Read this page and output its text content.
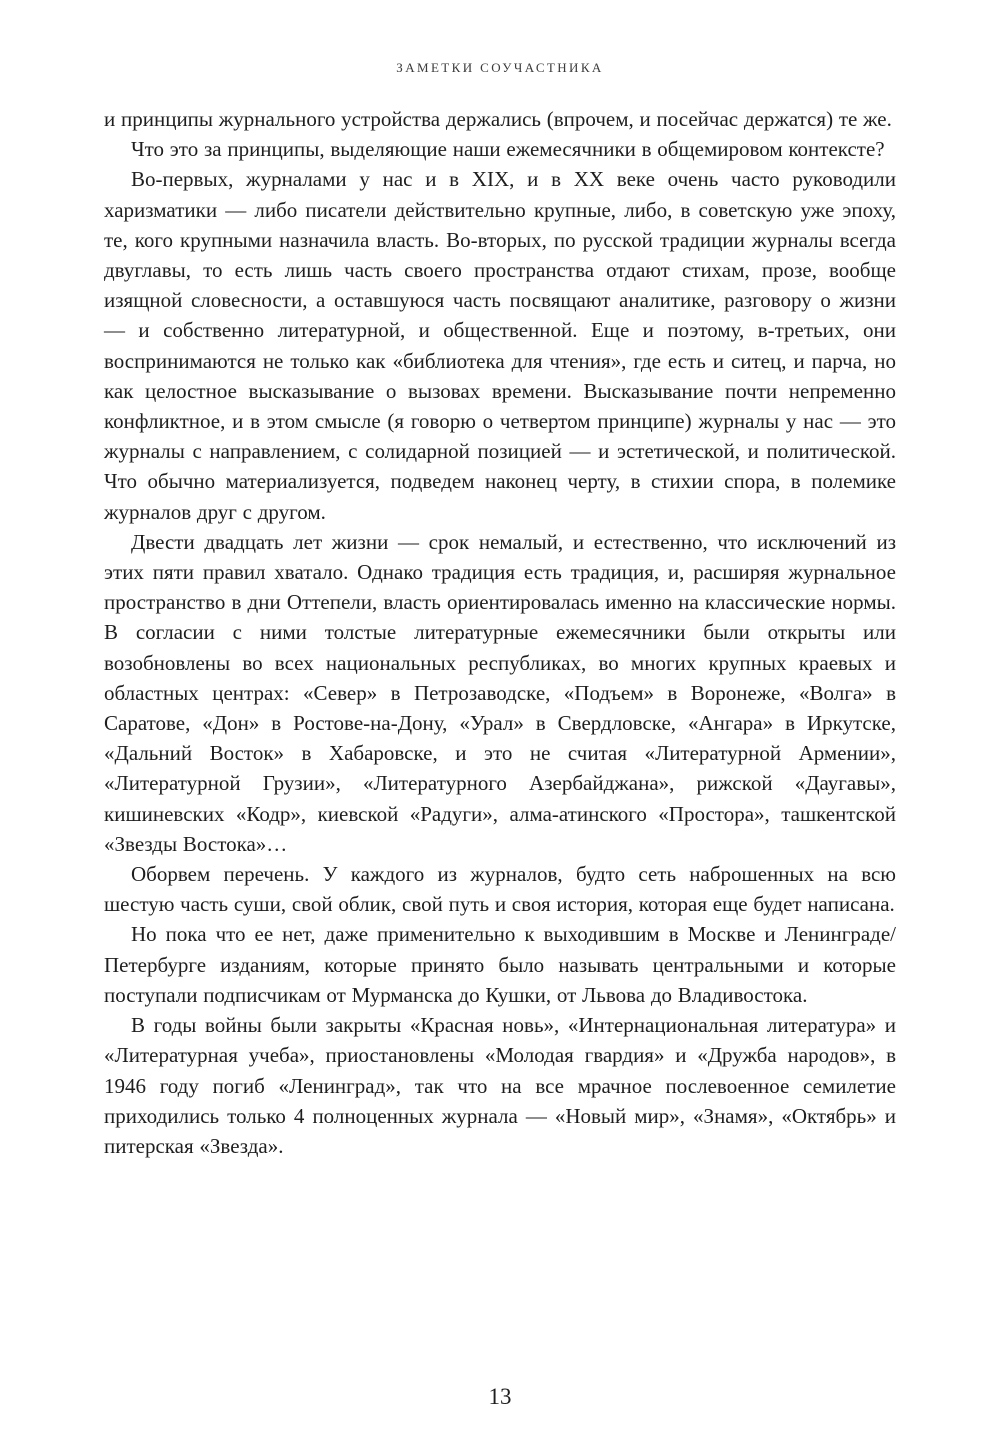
ЗАМЕТКИ СОУЧАСТНИКА

и принципы журнального устройства держались (впрочем, и посейчас держатся) те же.

Что это за принципы, выделяющие наши ежемесячники в общемировом контексте?

Во-первых, журналами у нас и в XIX, и в XX веке очень часто руководили харизматики — либо писатели действительно крупные, либо, в советскую уже эпоху, те, кого крупными назначила власть. Во-вторых, по русской традиции журналы всегда двуглавы, то есть лишь часть своего пространства отдают стихам, прозе, вообще изящной словесности, а оставшуюся часть посвящают аналитике, разговору о жизни — и собственно литературной, и общественной. Еще и поэтому, в-третьих, они воспринимаются не только как «библиотека для чтения», где есть и ситец, и парча, но как целостное высказывание о вызовах времени. Высказывание почти непременно конфликтное, и в этом смысле (я говорю о четвертом принципе) журналы у нас — это журналы с направлением, с солидарной позицией — и эстетической, и политической. Что обычно материализуется, подведем наконец черту, в стихии спора, в полемике журналов друг с другом.

Двести двадцать лет жизни — срок немалый, и естественно, что исключений из этих пяти правил хватало. Однако традиция есть традиция, и, расширяя журнальное пространство в дни Оттепели, власть ориентировалась именно на классические нормы. В согласии с ними толстые литературные ежемесячники были открыты или возобновлены во всех национальных республиках, во многих крупных краевых и областных центрах: «Север» в Петрозаводске, «Подъем» в Воронеже, «Волга» в Саратове, «Дон» в Ростове-на-Дону, «Урал» в Свердловске, «Ангара» в Иркутске, «Дальний Восток» в Хабаровске, и это не считая «Литературной Армении», «Литературной Грузии», «Литературного Азербайджана», рижской «Даугавы», кишиневских «Кодр», киевской «Радуги», алма-атинского «Простора», ташкентской «Звезды Востока»…

Оборвем перечень. У каждого из журналов, будто сеть наброшенных на всю шестую часть суши, свой облик, свой путь и своя история, которая еще будет написана.

Но пока что ее нет, даже применительно к выходившим в Москве и Ленинграде/Петербурге изданиям, которые принято было называть центральными и которые поступали подписчикам от Мурманска до Кушки, от Львова до Владивостока.

В годы войны были закрыты «Красная новь», «Интернациональная литература» и «Литературная учеба», приостановлены «Молодая гвардия» и «Дружба народов», в 1946 году погиб «Ленинград», так что на все мрачное послевоенное семилетие приходились только 4 полноценных журнала — «Новый мир», «Знамя», «Октябрь» и питерская «Звезда».

13
